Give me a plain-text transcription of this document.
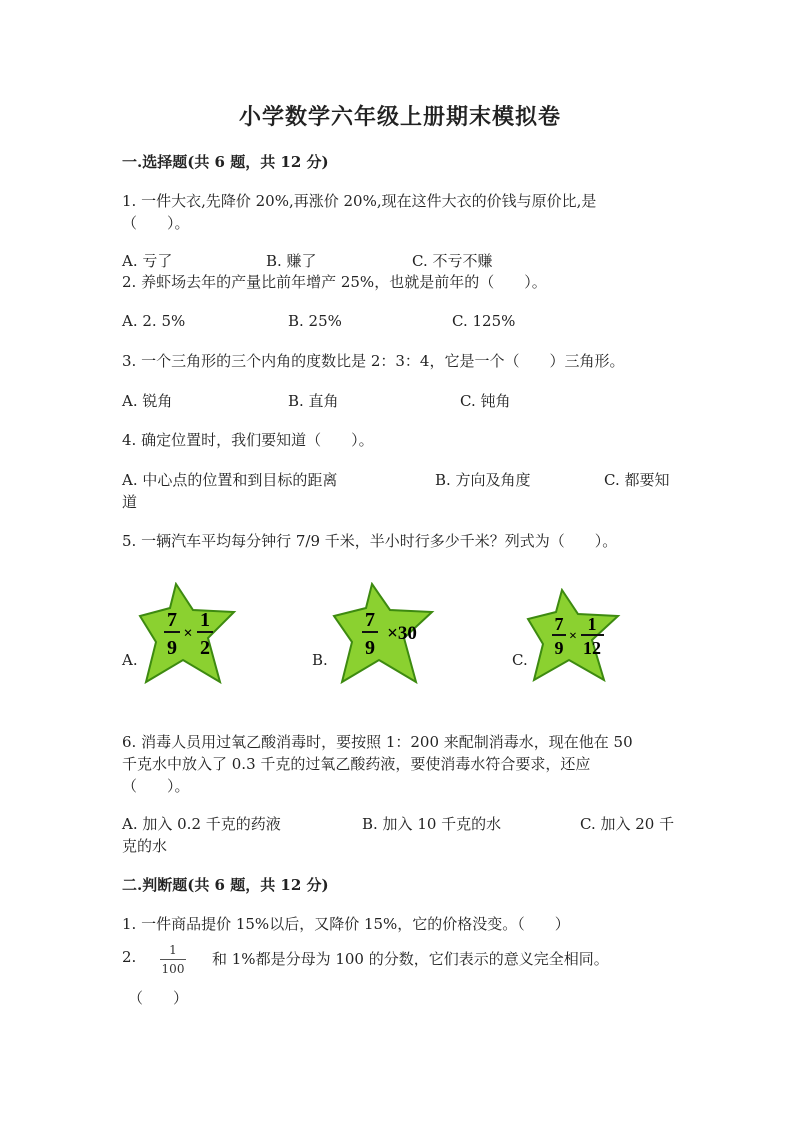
小学数学六年级上册期末模拟卷
一.选择题(共 6 题，共 12 分)
1. 一件大衣,先降价 20%,再涨价 20%,现在这件大衣的价钱与原价比,是
（　　）。
A. 亏了	B. 赚了	C. 不亏不赚
2. 养虾场去年的产量比前年增产 25%，也就是前年的（　　）。
A. 2. 5%	B. 25%	C. 125%
3. 一个三角形的三个内角的度数比是 2：3：4，它是一个（　　）三角形。
A. 锐角	B. 直角	C. 钝角
4. 确定位置时，我们要知道（　　）。
A. 中心点的位置和到目标的距离	B. 方向及角度	C. 都要知
道
5. 一辆汽车平均每分钟行 7/9 千米，半小时行多少千米？列式为（　　）。
A.	B.	C.
7
9
×
1
2
7
9
×30	7
9
×
1
12
6. 消毒人员用过氧乙酸消毒时，要按照 1：200 来配制消毒水，现在他在 50
千克水中放入了 0.3 千克的过氧乙酸药液，要使消毒水符合要求，还应
（　　）。
A. 加入 0.2 千克的药液	B. 加入 10 千克的水	C. 加入 20 千
克的水
二.判断题(共 6 题，共 12 分)
1. 一件商品提价 15%以后，又降价 15%，它的价格没变。（　　）
2.	1
100
和 1%都是分母为 100 的分数，它们表示的意义完全相同。
（　　）
